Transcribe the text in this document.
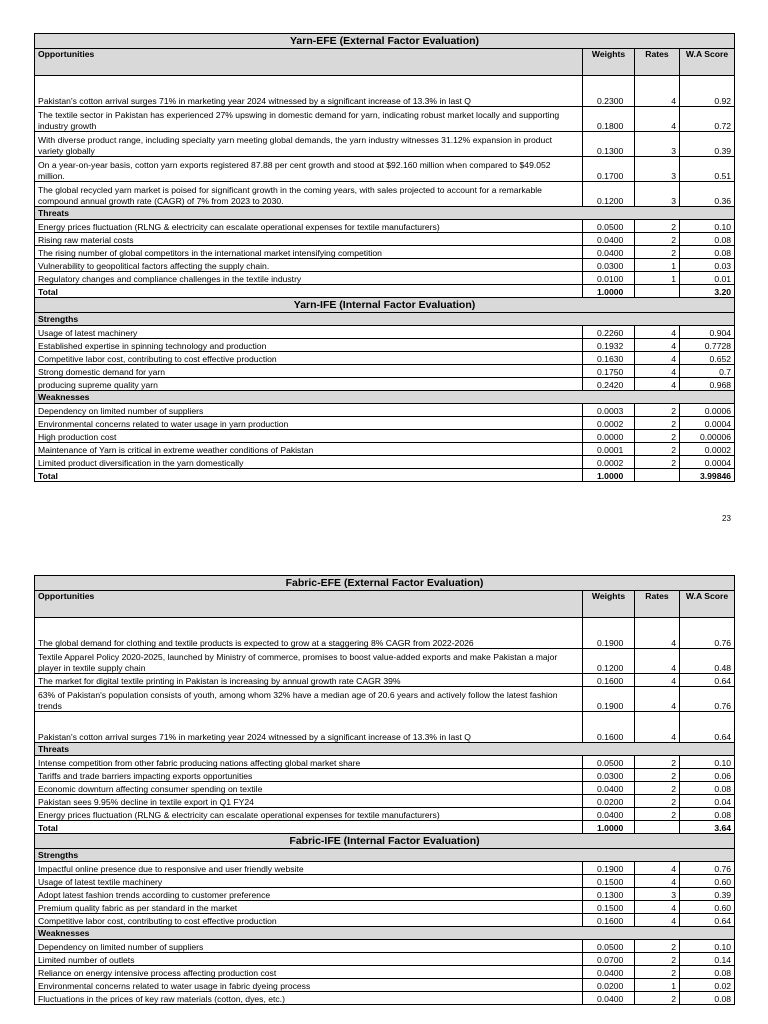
Yarn-EFE (External Factor Evaluation)			
Opportunities	Weights	Rates	W.A Score
Pakistan's cotton arrival surges 71% in marketing year 2024 witnessed by a significant increase of 13.3% in last Q	0.2300	4	0.92
The textile sector in Pakistan has experienced 27% upswing in domestic demand for yarn, indicating robust market locally and supporting industry growth	0.1800	4	0.72
With diverse product range, including specialty yarn meeting global demands, the yarn industry witnesses 31.12% expansion in product variety globally	0.1300	3	0.39
On a year-on-year basis, cotton yarn exports registered 87.88 per cent growth and stood at $92.160 million when compared to $49.052 million.	0.1700	3	0.51
The global recycled yarn market is poised for significant growth in the coming years, with sales projected to account for a remarkable compound annual growth rate (CAGR) of 7% from 2023 to 2030.	0.1200	3	0.36
Threats			
Energy prices fluctuation (RLNG & electricity can escalate operational expenses for textile manufacturers)	0.0500	2	0.10
Rising raw material costs	0.0400	2	0.08
The rising number of global competitors in the international market intensifying competition	0.0400	2	0.08
Vulnerability to geopolitical factors affecting the supply chain.	0.0300	1	0.03
Regulatory changes and compliance challenges in the textile industry	0.0100	1	0.01
Total	1.0000		3.20
Yarn-IFE (Internal Factor Evaluation)			
Strengths			
Usage of latest machinery	0.2260	4	0.904
Established expertise in spinning technology and production	0.1932	4	0.7728
Competitive labor cost, contributing to cost effective production	0.1630	4	0.652
Strong domestic demand for yarn	0.1750	4	0.7
producing supreme quality yarn	0.2420	4	0.968
Weaknesses			
Dependency on limited number of suppliers	0.0003	2	0.0006
Environmental concerns related to water usage in yarn production	0.0002	2	0.0004
High production cost	0.0000	2	0.00006
Maintenance of Yarn is critical in extreme weather conditions of Pakistan	0.0001	2	0.0002
Limited product diversification in the yarn domestically	0.0002	2	0.0004
Total	1.0000		3.99846
23
Fabric-EFE (External Factor Evaluation)			
Opportunities	Weights	Rates	W.A Score
The global demand for clothing and textile products is expected to grow at a staggering 8% CAGR from 2022-2026	0.1900	4	0.76
Textile Apparel Policy 2020-2025, launched by Ministry of commerce, promises to boost value-added exports and make Pakistan a major player in textile supply chain	0.1200	4	0.48
The market for digital textile printing in Pakistan is increasing by annual growth rate CAGR 39%	0.1600	4	0.64
63% of Pakistan's population consists of youth, among whom 32% have a median age of 20.6 years and actively follow the latest fashion trends	0.1900	4	0.76
Pakistan's cotton arrival surges 71% in marketing year 2024 witnessed by a significant increase of 13.3% in last Q	0.1600	4	0.64
Threats			
Intense competition from other fabric producing nations affecting global market share	0.0500	2	0.10
Tariffs and trade barriers impacting exports opportunities	0.0300	2	0.06
Economic downturn affecting consumer spending on textile	0.0400	2	0.08
Pakistan sees 9.95% decline in textile export in Q1 FY24	0.0200	2	0.04
Energy prices fluctuation (RLNG & electricity can escalate operational expenses for textile manufacturers)	0.0400	2	0.08
Total	1.0000		3.64
Fabric-IFE (Internal Factor Evaluation)			
Strengths			
Impactful online presence due to responsive and user friendly website	0.1900	4	0.76
Usage of latest textile machinery	0.1500	4	0.60
Adopt latest fashion trends according to customer preference	0.1300	3	0.39
Premium quality fabric as per standard in the market	0.1500	4	0.60
Competitive labor cost, contributing to cost effective production	0.1600	4	0.64
Weaknesses			
Dependency on limited number of suppliers	0.0500	2	0.10
Limited number of outlets	0.0700	2	0.14
Reliance on energy intensive process affecting production cost	0.0400	2	0.08
Environmental concerns related to water usage in fabric dyeing process	0.0200	1	0.02
Fluctuations in the prices of key raw materials (cotton, dyes, etc.)	0.0400	2	0.08
